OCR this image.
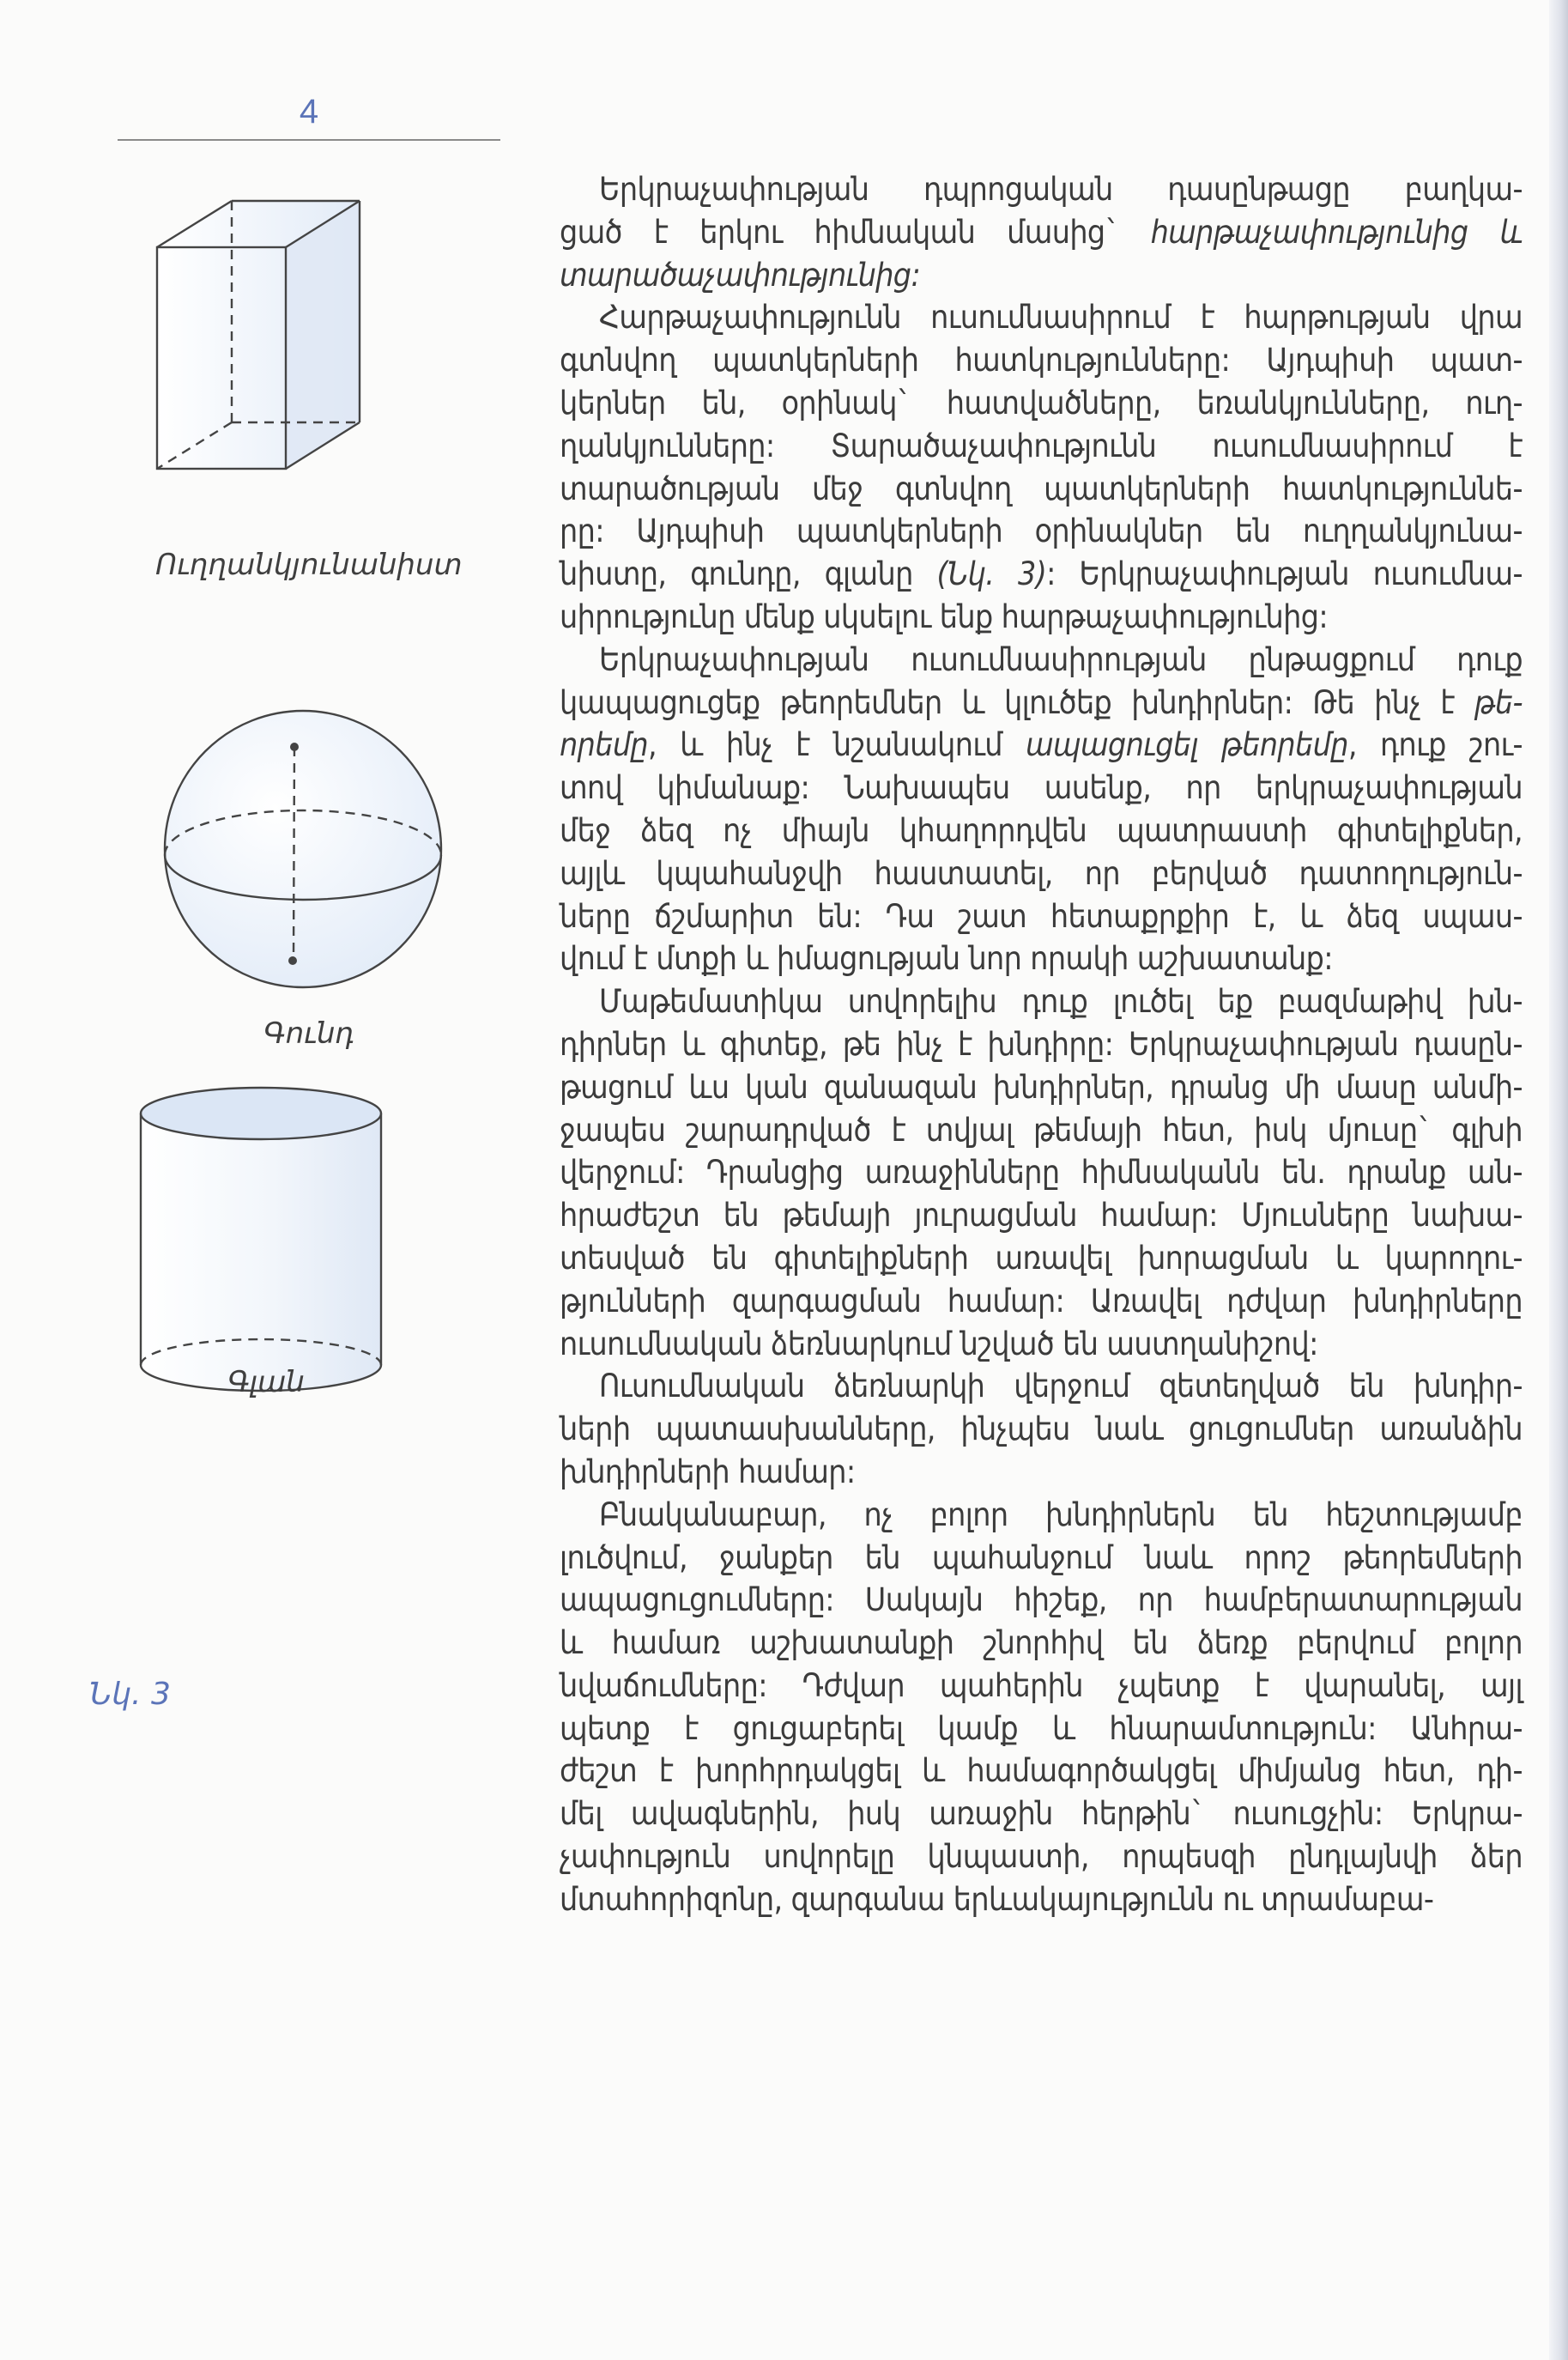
4
Ուղղանկյունանիստ
Գունդ
Գլան
Նկ. 3
Երկրաչափության դպրոցական դասընթացը բաղկա-
ցած է երկու հիմնական մասից` հարթաչափությունից և
տարածաչափությունից:
Հարթաչափությունն ուսումնասիրում է հարթության վրա
գտնվող պատկերների հատկությունները: Այդպիսի պատ-
կերներ են, օրինակ` հատվածները, եռանկյունները, ուղ-
ղանկյունները: Տարածաչափությունն ուսումնասիրում է
տարածության մեջ գտնվող պատկերների հատկություննե-
րը: Այդպիսի պատկերների օրինակներ են ուղղանկյունա-
նիստը, գունդը, գլանը (Նկ. 3): Երկրաչափության ուսումնա-
սիրությունը մենք սկսելու ենք հարթաչափությունից:
Երկրաչափության ուսումնասիրության ընթացքում դուք
կապացուցեք թեորեմներ և կլուծեք խնդիրներ: Թե ինչ է թե-
որեմը, և ինչ է նշանակում ապացուցել թեորեմը, դուք շու-
տով կիմանաք: Նախապես ասենք, որ երկրաչափության
մեջ ձեզ ոչ միայն կհաղորդվեն պատրաստի գիտելիքներ,
այլև կպահանջվի հաստատել, որ բերված դատողություն-
ները ճշմարիտ են: Դա շատ հետաքրքիր է, և ձեզ սպաս-
վում է մտքի և իմացության նոր որակի աշխատանք:
Մաթեմատիկա սովորելիս դուք լուծել եք բազմաթիվ խն-
դիրներ և գիտեք, թե ինչ է խնդիրը: Երկրաչափության դասըն-
թացում ևս կան զանազան խնդիրներ, դրանց մի մասը անմի-
ջապես շարադրված է տվյալ թեմայի հետ, իսկ մյուսը` գլխի
վերջում: Դրանցից առաջինները հիմնականն են. դրանք ան-
հրաժեշտ են թեմայի յուրացման համար: Մյուսները նախա-
տեսված են գիտելիքների առավել խորացման և կարողու-
թյունների զարգացման համար: Առավել դժվար խնդիրները
ուսումնական ձեռնարկում նշված են աստղանիշով:
Ուսումնական ձեռնարկի վերջում զետեղված են խնդիր-
ների պատասխանները, ինչպես նաև ցուցումներ առանձին
խնդիրների համար:
Բնականաբար, ոչ բոլոր խնդիրներն են հեշտությամբ
լուծվում, ջանքեր են պահանջում նաև որոշ թեորեմների
ապացուցումները: Սակայն հիշեք, որ համբերատարության
և համառ աշխատանքի շնորհիվ են ձեռք բերվում բոլոր
նվաճումները: Դժվար պահերին չպետք է վարանել, այլ
պետք է ցուցաբերել կամք և հնարամտություն: Անհրա-
ժեշտ է խորհրդակցել և համագործակցել միմյանց հետ, դի-
մել ավագներին, իսկ առաջին հերթին` ուսուցչին: Երկրա-
չափություն սովորելը կնպաստի, որպեսզի ընդլայնվի ձեր
մտահորիզոնը, զարգանա երևակայությունն ու տրամաբա-
